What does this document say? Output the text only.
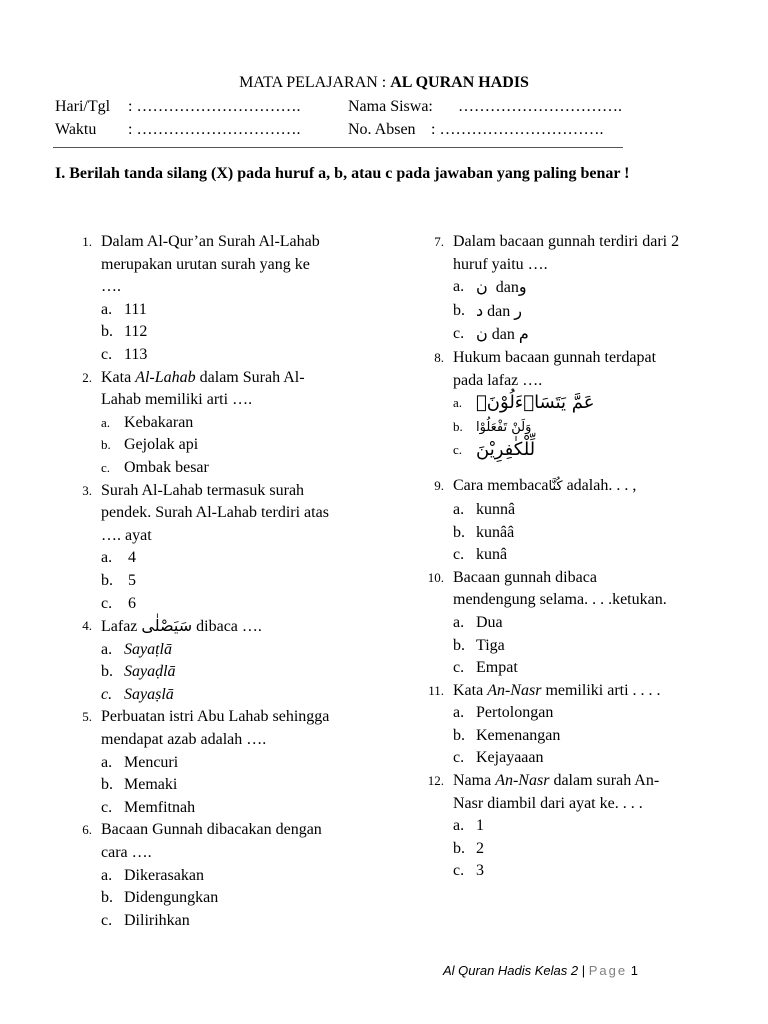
MATA PELAJARAN : AL QURAN HADIS
Hari/Tgl : ………………………….	Nama Siswa: ………………………….
Waktu : ………………………….	No. Absen : ………………………….
I. Berilah tanda silang (X) pada huruf a, b, atau c pada jawaban yang paling benar !
1. Dalam Al-Qur’an Surah Al-Lahab
merupakan urutan surah yang ke
….
a. 111
b. 112
c. 113
2. Kata Al-Lahab dalam Surah Al-
Lahab memiliki arti ….
a. Kebakaran
b. Gejolak api
c. Ombak besar
3. Surah Al-Lahab termasuk surah
pendek. Surah Al-Lahab terdiri atas
…. ayat
a. 4
b. 5
c. 6
4. Lafaz سَيَصْلٰى dibaca ….
a. Sayaṭlā
b. Sayaḍlā
c. Sayaṣlā
5. Perbuatan istri Abu Lahab sehingga
mendapat azab adalah ….
a. Mencuri
b. Memaki
c. Memfitnah
6. Bacaan Gunnah dibacakan dengan
cara ….
a. Dikerasakan
b. Didengungkan
c. Dilirihkan
7. Dalam bacaan gunnah terdiri dari 2
huruf yaitu ….
a. ن  danو
b. د dan ر
c. ن dan م
8. Hukum bacaan gunnah terdapat
pada lafaz ….
a. عَمَّ يَتَسَاۤءَلُوْنَۚ
b. وَلَنْ تَفْعَلُوْا
c. لِّلْكٰفِرِيْنَ
9. Cara membacaكُنَّا adalah. . . ,
a. kunnâ
b. kunââ
c. kunâ
10. Bacaan gunnah dibaca
mendengung selama. . . .ketukan.
a. Dua
b. Tiga
c. Empat
11. Kata An-Nasr memiliki arti . . . .
a. Pertolongan
b. Kemenangan
c. Kejayaaan
12. Nama An-Nasr dalam surah An-
Nasr diambil dari ayat ke. . . .
a. 1
b. 2
c. 3
Al Quran Hadis Kelas 2 | Page 1
